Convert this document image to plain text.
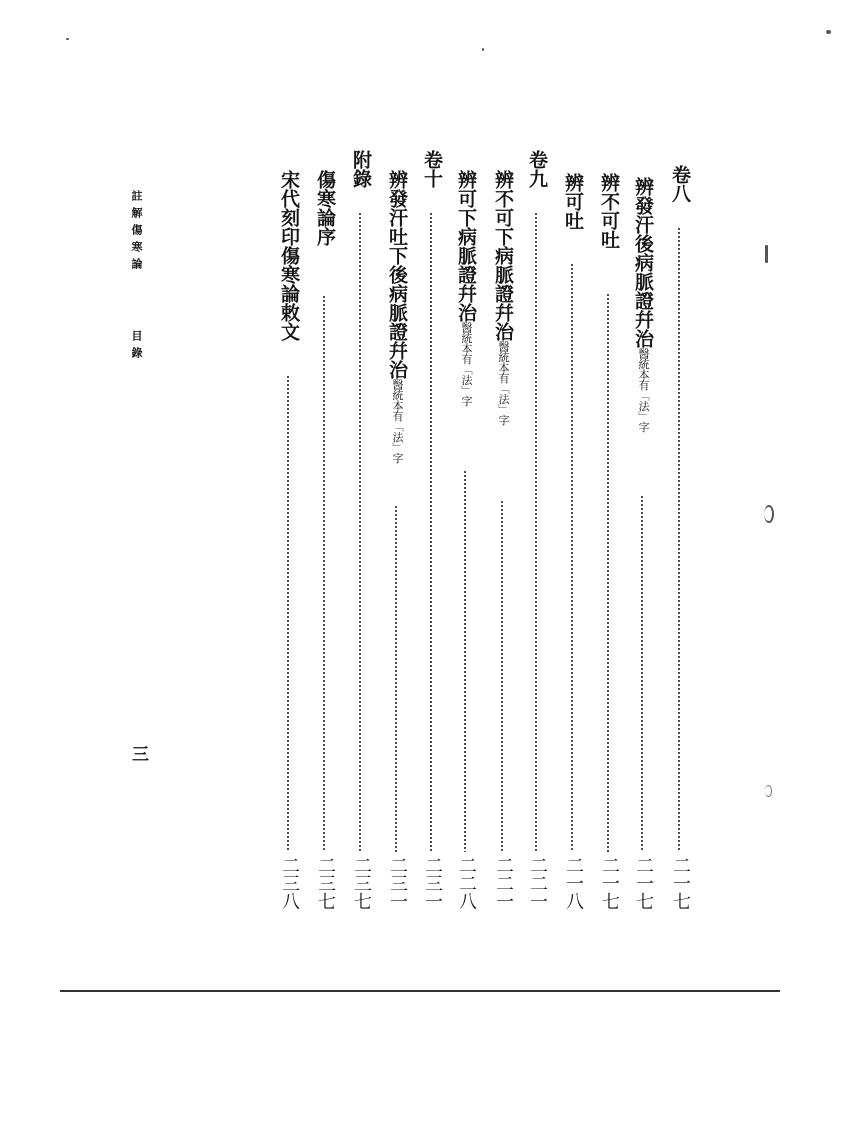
註解傷寒論
目錄
三
卷八
二一七
辨發汗後病脈證幷治醫統本有「法」字
二一七
辨不可吐
二一七
辨可吐
二一八
卷九
二二一
辨不可下病脈證幷治醫統本有「法」字
二二一
辨可下病脈證幷治醫統本有「法」字
二二八
卷十
二三一
辨發汗吐下後病脈證幷治醫統本有「法」字
二三一
附錄
二三七
傷寒論序
二三七
宋代刻印傷寒論敕文
二三八
